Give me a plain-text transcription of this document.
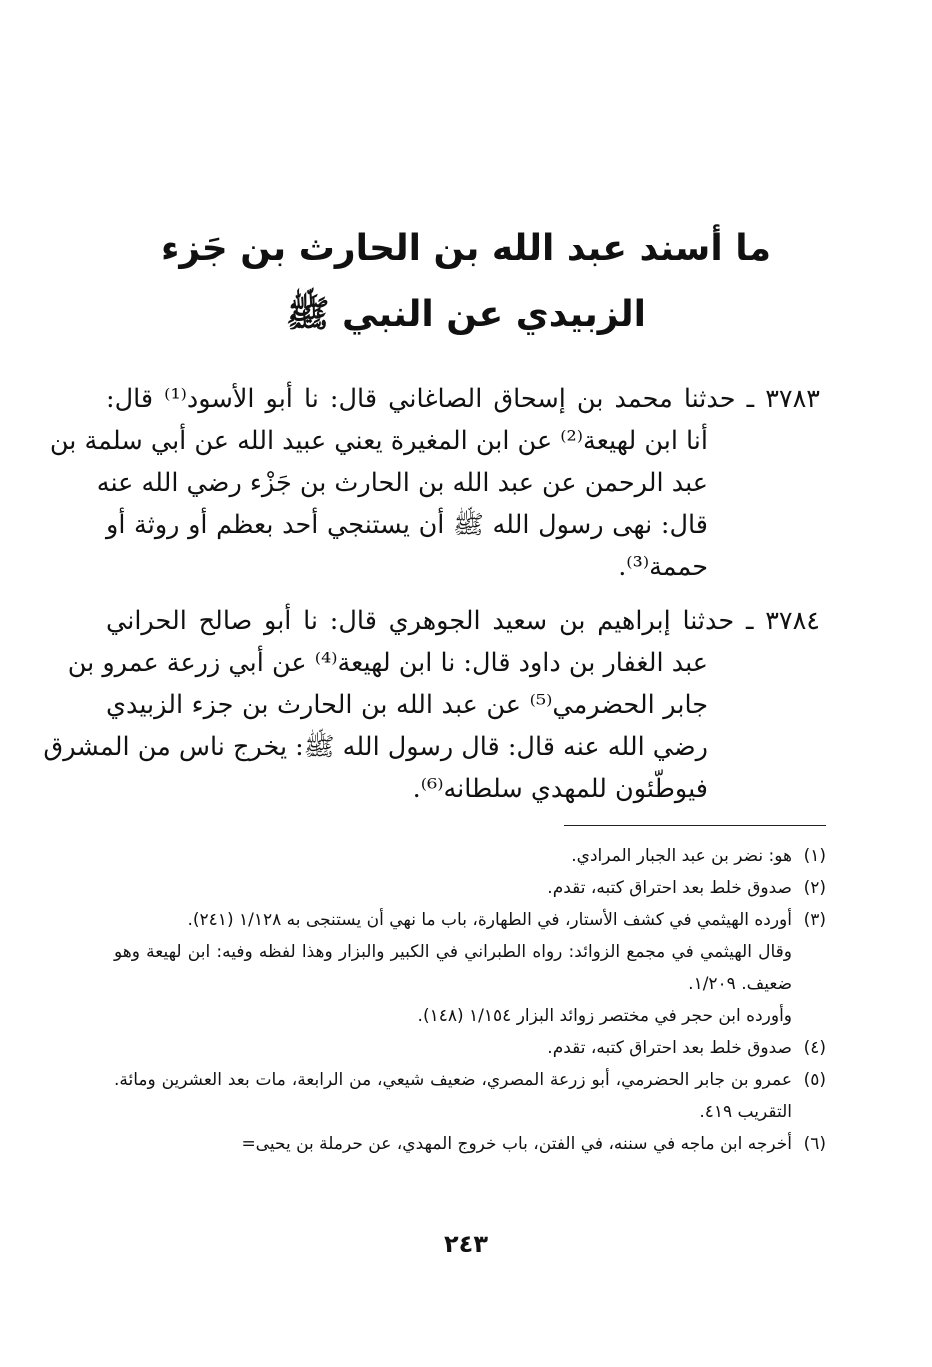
ما أسند عبد الله بن الحارث بن جَزء
الزبيدي عن النبي ﷺ
٣٧٨٣ ـ حدثنا محمد بن إسحاق الصاغاني قال: نا أبو الأسود⁽¹⁾ قال:
أنا ابن لهيعة⁽²⁾ عن ابن المغيرة يعني عبيد الله عن أبي سلمة بن
عبد الرحمن عن عبد الله بن الحارث بن جَزْء رضي الله عنه
قال: نهى رسول الله ﷺ أن يستنجي أحد بعظم أو روثة أو
حممة⁽³⁾.
٣٧٨٤ ـ حدثنا إبراهيم بن سعيد الجوهري قال: نا أبو صالح الحراني
عبد الغفار بن داود قال: نا ابن لهيعة⁽⁴⁾ عن أبي زرعة عمرو بن
جابر الحضرمي⁽⁵⁾ عن عبد الله بن الحارث بن جزء الزبيدي
رضي الله عنه قال: قال رسول الله ﷺ: يخرج ناس من المشرق
فيوطّئون للمهدي سلطانه⁽⁶⁾.
(١)
هو: نضر بن عبد الجبار المرادي.
(٢)
صدوق خلط بعد احتراق كتبه، تقدم.
(٣)
أورده الهيثمي في كشف الأستار، في الطهارة، باب ما نهي أن يستنجى به ١/١٢٨ (٢٤١).
وقال الهيثمي في مجمع الزوائد: رواه الطبراني في الكبير والبزار وهذا لفظه وفيه: ابن لهيعة وهو ضعيف. ١/٢٠٩.
وأورده ابن حجر في مختصر زوائد البزار ١/١٥٤ (١٤٨).
(٤)
صدوق خلط بعد احتراق كتبه، تقدم.
(٥)
عمرو بن جابر الحضرمي، أبو زرعة المصري، ضعيف شيعي، من الرابعة، مات بعد العشرين ومائة. التقريب ٤١٩.
(٦)
أخرجه ابن ماجه في سننه، في الفتن، باب خروج المهدي، عن حرملة بن يحيى=
٢٤٣
